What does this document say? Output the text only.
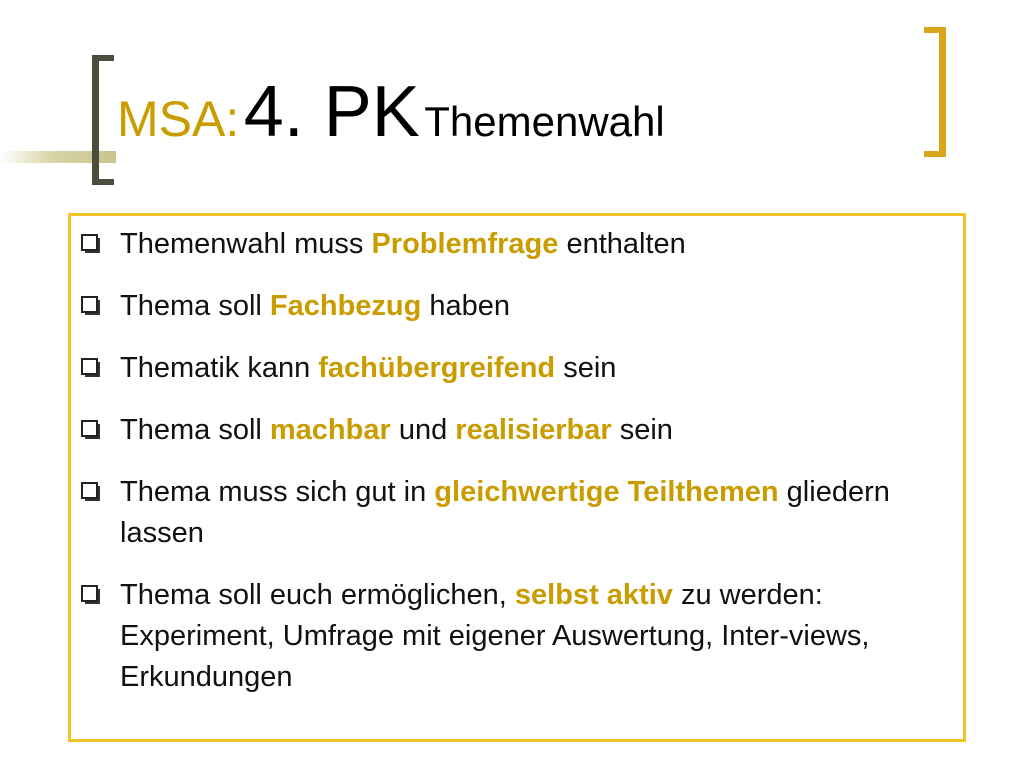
MSA: 4. PK Themenwahl
Themenwahl muss Problemfrage enthalten
Thema soll Fachbezug haben
Thematik kann fachübergreifend sein
Thema soll machbar und realisierbar sein
Thema muss sich gut in gleichwertige Teilthemen gliedern lassen
Thema soll euch ermöglichen, selbst aktiv zu werden: Experiment, Umfrage mit eigener Auswertung, Inter-views, Erkundungen
